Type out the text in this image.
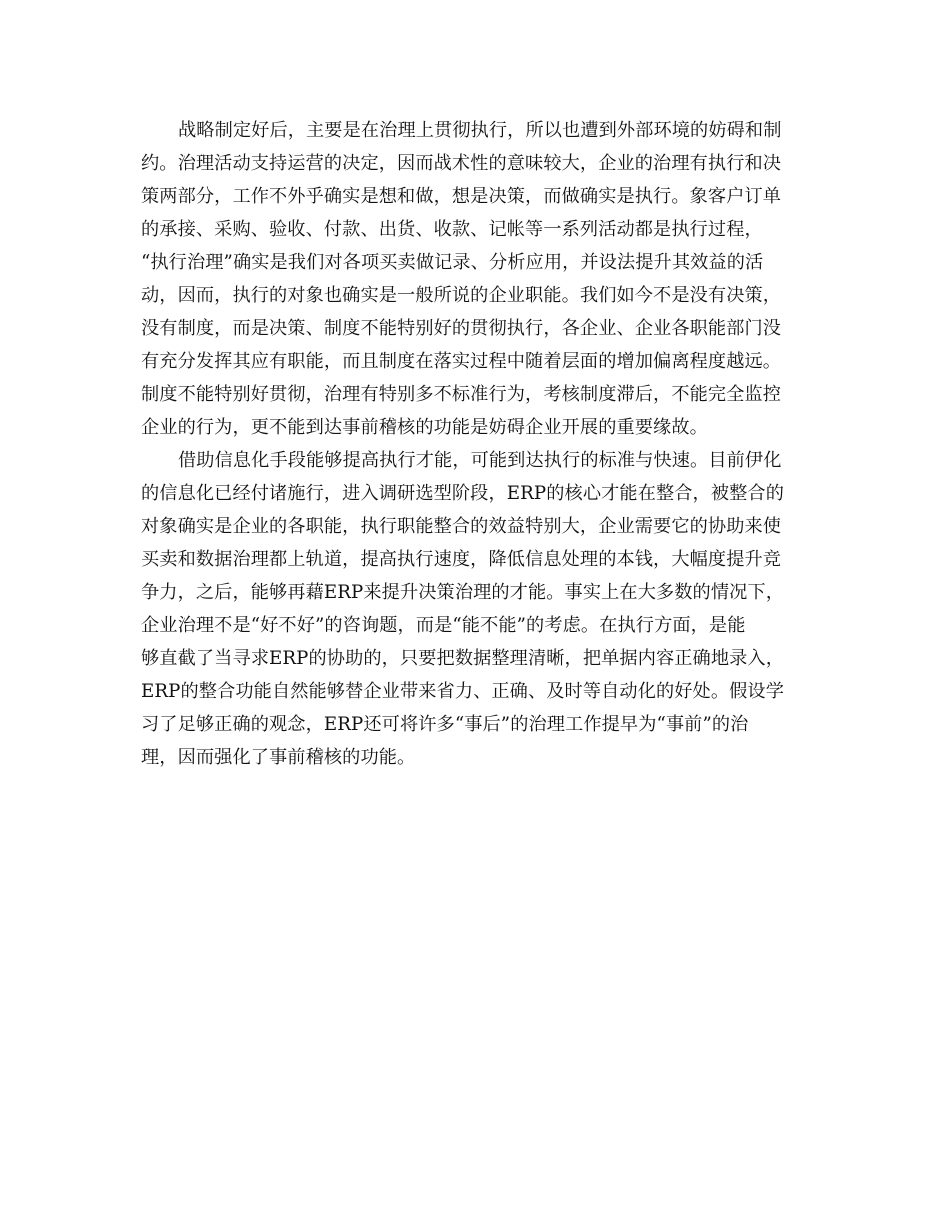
战略制定好后，主要是在治理上贯彻执行，所以也遭到外部环境的妨碍和制
约。治理活动支持运营的决定，因而战术性的意味较大，企业的治理有执行和决
策两部分，工作不外乎确实是想和做，想是决策，而做确实是执行。象客户订单
的承接、采购、验收、付款、出货、收款、记帐等一系列活动都是执行过程，
“执行治理”确实是我们对各项买卖做记录、分析应用，并设法提升其效益的活
动，因而，执行的对象也确实是一般所说的企业职能。我们如今不是没有决策，
没有制度，而是决策、制度不能特别好的贯彻执行，各企业、企业各职能部门没
有充分发挥其应有职能，而且制度在落实过程中随着层面的增加偏离程度越远。
制度不能特别好贯彻，治理有特别多不标准行为，考核制度滞后，不能完全监控
企业的行为，更不能到达事前稽核的功能是妨碍企业开展的重要缘故。
借助信息化手段能够提高执行才能，可能到达执行的标准与快速。目前伊化
的信息化已经付诸施行，进入调研选型阶段，ERP的核心才能在整合，被整合的
对象确实是企业的各职能，执行职能整合的效益特别大，企业需要它的协助来使
买卖和数据治理都上轨道，提高执行速度，降低信息处理的本钱，大幅度提升竞
争力，之后，能够再藉ERP来提升决策治理的才能。事实上在大多数的情况下，
企业治理不是“好不好”的咨询题，而是“能不能”的考虑。在执行方面，是能
够直截了当寻求ERP的协助的，只要把数据整理清晰，把单据内容正确地录入，
ERP的整合功能自然能够替企业带来省力、正确、及时等自动化的好处。假设学
习了足够正确的观念，ERP还可将许多“事后”的治理工作提早为“事前”的治
理，因而强化了事前稽核的功能。
